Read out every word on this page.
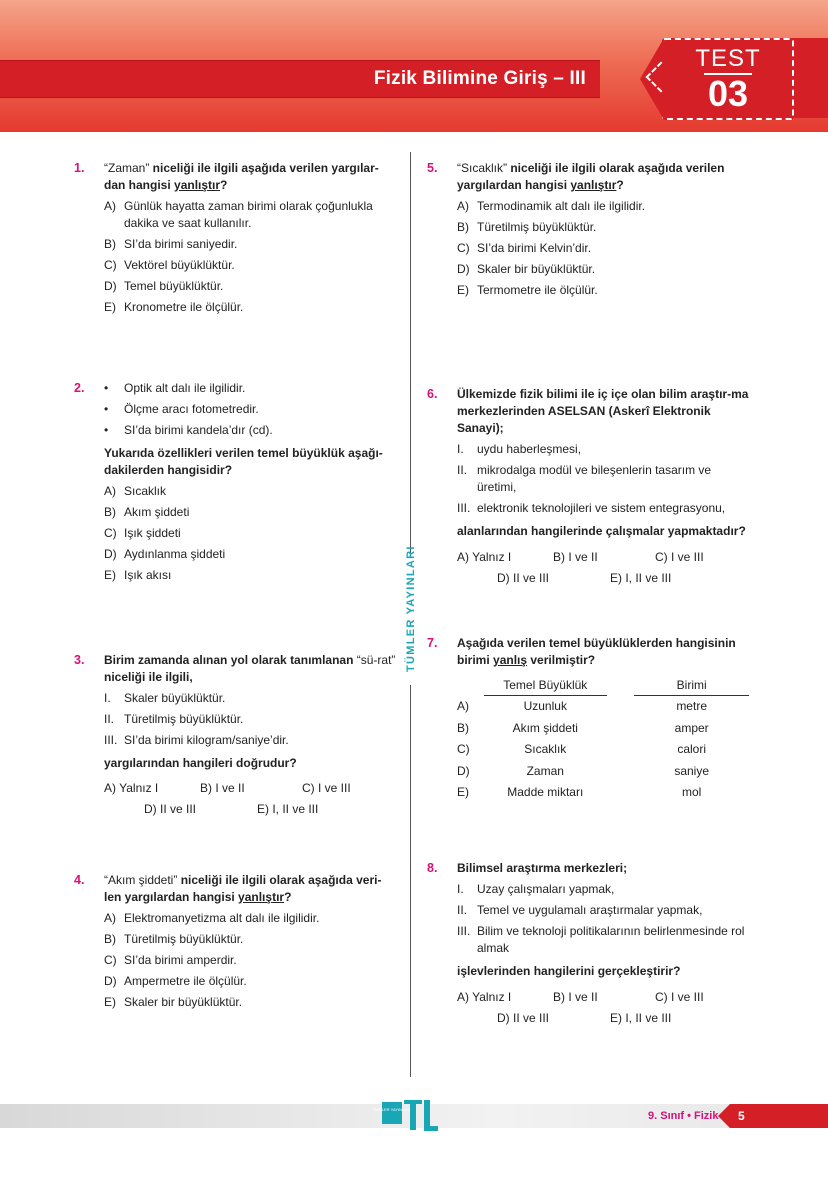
Fizik Bilimine Giriş – III
TEST
03
TÜMLER YAYINLARI
1. “Zaman” niceliği ile ilgili aşağıda verilen yargılar-dan hangisi yanlıştır?

A) Günlük hayatta zaman birimi olarak çoğunlukla dakika ve saat kullanılır.
B) SI’da birimi saniyedir.
C) Vektörel büyüklüktür.
D) Temel büyüklüktür.
E) Kronometre ile ölçülür.
2. •	Optik alt dalı ile ilgilidir.
•	Ölçme aracı fotometredir.
•	SI’da birimi kandela’dır (cd).

Yukarıda özellikleri verilen temel büyüklük aşağı-dakilerden hangisidir?

A) Sıcaklık
B) Akım şiddeti
C) Işık şiddeti
D) Aydınlanma şiddeti
E) Işık akısı
3. Birim zamanda alınan yol olarak tanımlanan “sü-rat” niceliği ile ilgili,

I.	Skaler büyüklüktür.
II. Türetilmiş büyüklüktür.
III. SI’da birimi kilogram/saniye’dir.

yargılarından hangileri doğrudur?

A) Yalnız I	B) I ve II	C) I ve III
D) II ve III	E) I, II ve III
4. “Akım şiddeti” niceliği ile ilgili olarak aşağıda veri-len yargılardan hangisi yanlıştır?

A) Elektromanyetizma alt dalı ile ilgilidir.
B) Türetilmiş büyüklüktür.
C) SI’da birimi amperdir.
D) Ampermetre ile ölçülür.
E) Skaler bir büyüklüktür.
5. “Sıcaklık” niceliği ile ilgili olarak aşağıda verilen yargılardan hangisi yanlıştır?

A) Termodinamik alt dalı ile ilgilidir.
B) Türetilmiş büyüklüktür.
C) SI’da birimi Kelvin’dir.
D) Skaler bir büyüklüktür.
E) Termometre ile ölçülür.
6. Ülkemizde fizik bilimi ile iç içe olan bilim araştır-ma merkezlerinden ASELSAN (Askerî Elektronik Sanayi);

I.	uydu haberleşmesi,
II. mikrodalga modül ve bileşenlerin tasarım ve üretimi,
III. elektronik teknolojileri ve sistem entegrasyonu,

alanlarından hangilerinde çalışmalar yapmaktadır?

A) Yalnız I	B) I ve II	C) I ve III
D) II ve III	E) I, II ve III
7. Aşağıda verilen temel büyüklüklerden hangisinin birimi yanlış verilmiştir?

	Temel Büyüklük		Birimi
A)	Uzunluk		metre
B)	Akım şiddeti		amper
C)	Sıcaklık		calori
D)	Zaman		saniye
E)	Madde miktarı		mol
8. Bilimsel araştırma merkezleri;

I.	Uzay çalışmaları yapmak,
II. Temel ve uygulamalı araştırmalar yapmak,
III. Bilim ve teknoloji politikalarının belirlenmesinde rol almak

işlevlerinden hangilerini gerçekleştirir?

A) Yalnız I	B) I ve II	C) I ve III
D) II ve III	E) I, II ve III
TÜMLER YAYINLARI
9. Sınıf • Fizik 5
